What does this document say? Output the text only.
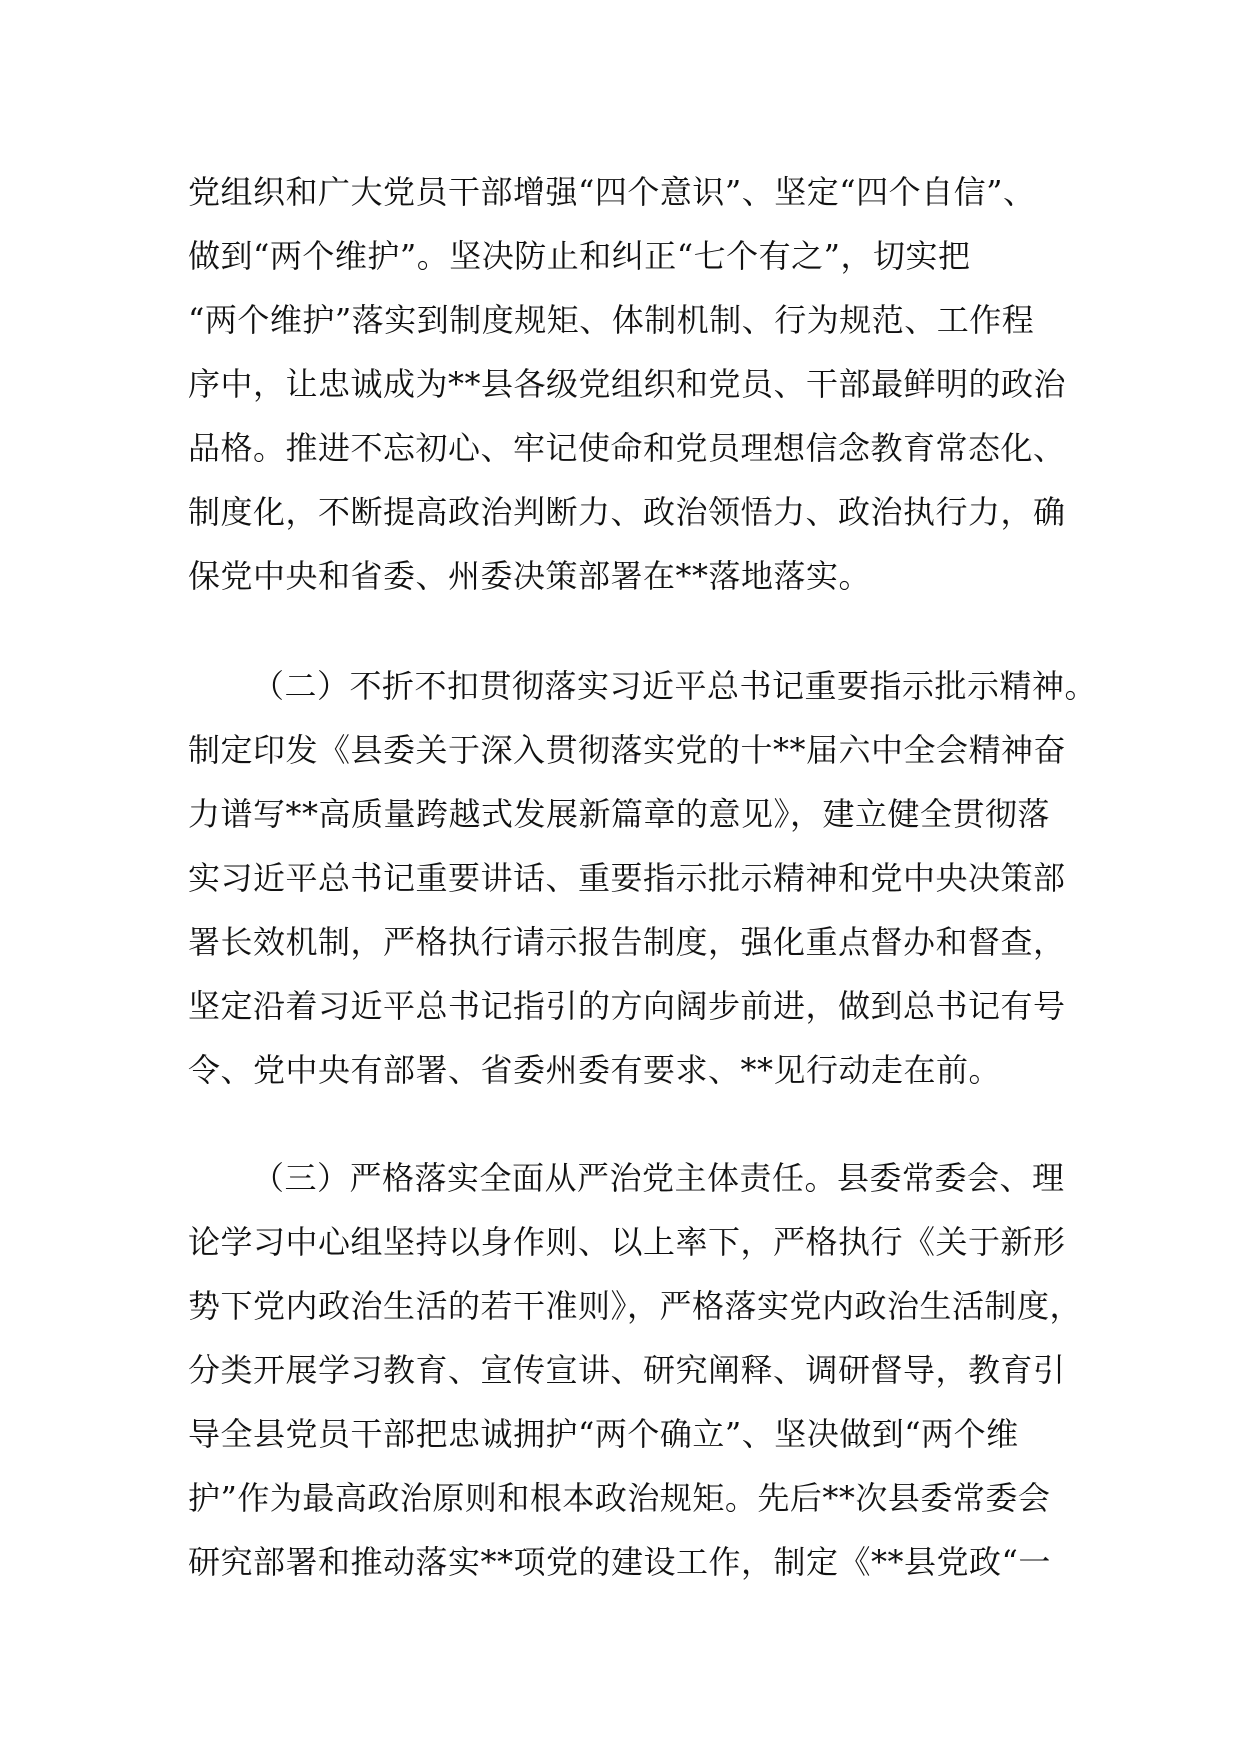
党组织和广大党员干部增强“四个意识”、坚定“四个自信”、
做到“两个维护”。坚决防止和纠正“七个有之”，切实把
“两个维护”落实到制度规矩、体制机制、行为规范、工作程
序中，让忠诚成为**县各级党组织和党员、干部最鲜明的政治
品格。推进不忘初心、牢记使命和党员理想信念教育常态化、
制度化，不断提高政治判断力、政治领悟力、政治执行力，确
保党中央和省委、州委决策部署在**落地落实。
（二）不折不扣贯彻落实习近平总书记重要指示批示精神。
制定印发《县委关于深入贯彻落实党的十**届六中全会精神奋
力谱写**高质量跨越式发展新篇章的意见》，建立健全贯彻落
实习近平总书记重要讲话、重要指示批示精神和党中央决策部
署长效机制，严格执行请示报告制度，强化重点督办和督查，
坚定沿着习近平总书记指引的方向阔步前进，做到总书记有号
令、党中央有部署、省委州委有要求、**见行动走在前。
（三）严格落实全面从严治党主体责任。县委常委会、理
论学习中心组坚持以身作则、以上率下，严格执行《关于新形
势下党内政治生活的若干准则》，严格落实党内政治生活制度，
分类开展学习教育、宣传宣讲、研究阐释、调研督导，教育引
导全县党员干部把忠诚拥护“两个确立”、坚决做到“两个维
护”作为最高政治原则和根本政治规矩。先后**次县委常委会
研究部署和推动落实**项党的建设工作，制定《**县党政“一
